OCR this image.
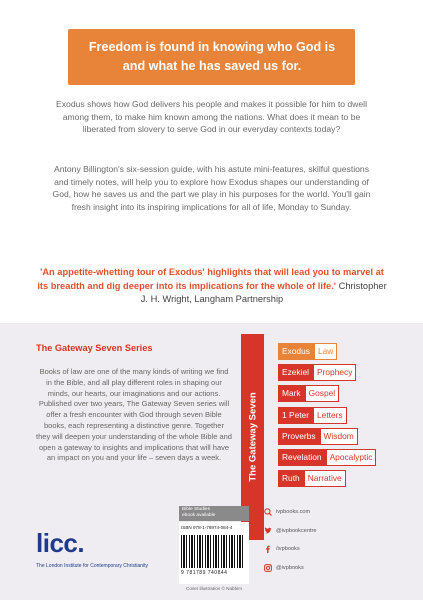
Freedom is found in knowing who God is and what he has saved us for.
Exodus shows how God delivers his people and makes it possible for him to dwell among them, to make him known among the nations. What does it mean to be liberated from slovery to serve God in our everyday contexts today?
Antony Billington's six-session guide, with his astute mini-features, skilful questions and timely notes, will help you to explore how Exodus shapes our understanding of God, how he saves us and the part we play in his purposes for the world. You'll gain fresh insight into its inspiring implications for all of life, Monday to Sunday.
'An appetite-whetting tour of Exodus' highlights that will lead you to marvel at its breadth and dig deeper into its implications for the whole of life.' Christopher J. H. Wright, Langham Partnership
The Gateway Seven Series
Books of law are one of the many kinds of writing we find in the Bible, and all play different roles in shaping our minds, our hearts, our imaginations and our actions. Published over two years, The Gateway Seven series will offer a fresh encounter with God through seven Bible books, each representing a distinctive genre. Together they will deepen your understanding of the whole Bible and open a gateway to insights and implications that will have an impact on you and your life – seven days a week.	The Gateway Seven
Exodus Law
Ezekiel Prophecy
Mark Gospel
1 Peter Letters
Proverbs Wisdom
Revelation Apocalyptic
Ruth Narrative
licc.
The London Institute for Contemporary Christianity
Bible Studies
ebook available
ISBN 978-1-78974-084-4
9 781789 740844
Cover illustration © Nabbim
ivpbooks.com
@ivpbookcentre
/ivpbooks
@ivpbooks
